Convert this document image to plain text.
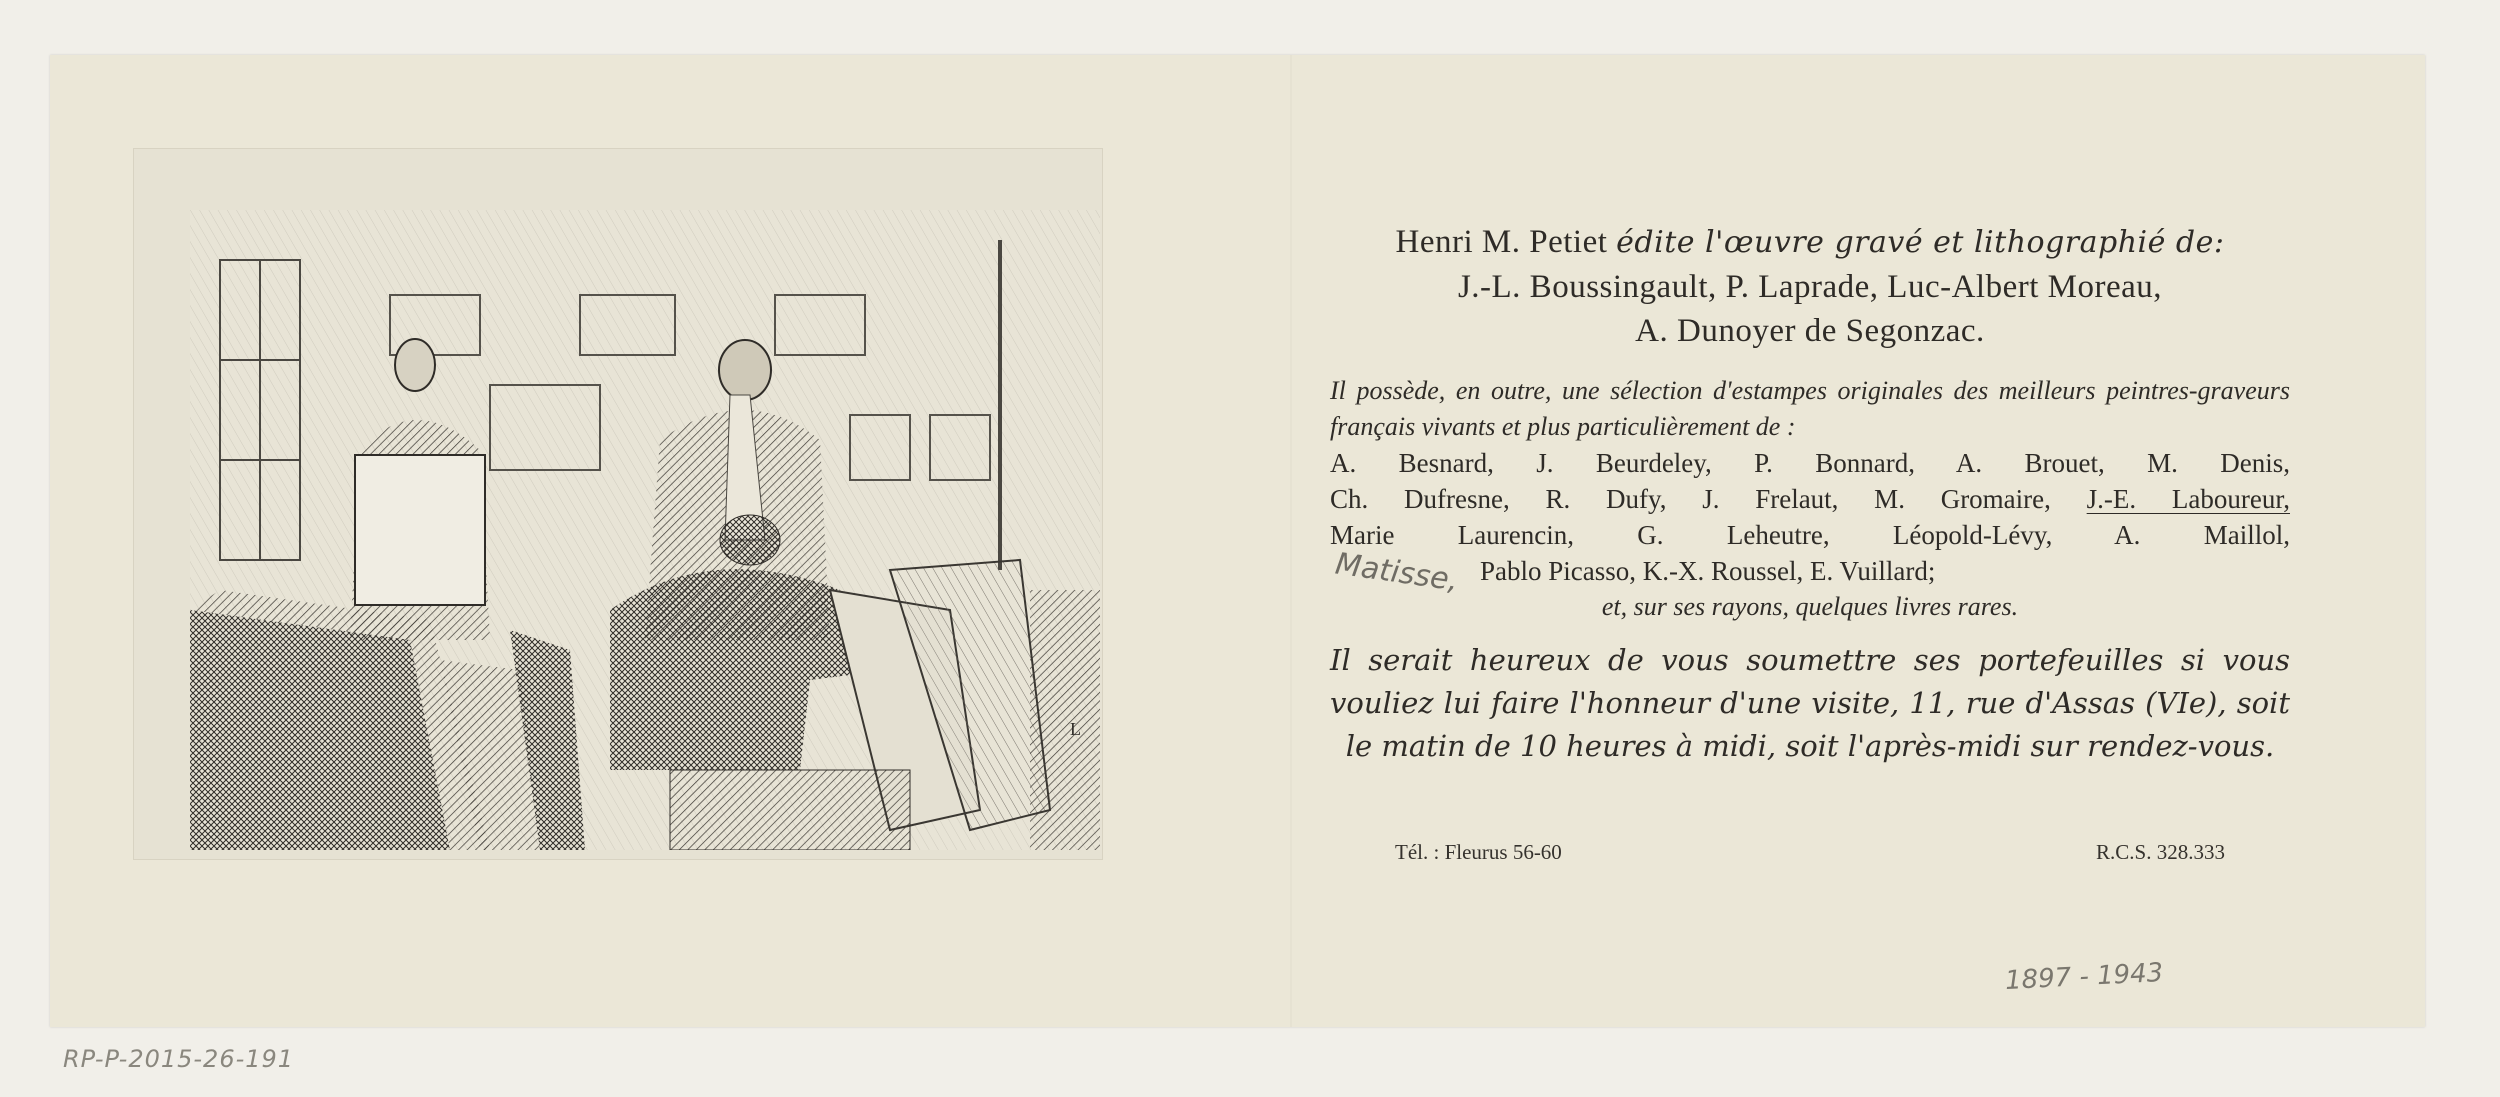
L
Henri M. Petiet édite l'œuvre gravé et lithographié de:
J.-L. Boussingault, P. Laprade, Luc-Albert Moreau,
A. Dunoyer de Segonzac.
Il possède, en outre, une sélection d'estampes originales des meilleurs peintres-graveurs français vivants et plus particulièrement de :
A. Besnard, J. Beurdeley, P. Bonnard, A. Brouet, M. Denis,
Ch. Dufresne, R. Dufy, J. Frelaut, M. Gromaire, J.-E. Laboureur,
Marie Laurencin, G. Leheutre, Léopold-Lévy, A. Maillol,
Pablo Picasso, K.-X. Roussel, E. Vuillard;
et, sur ses rayons, quelques livres rares.
Il serait heureux de vous soumettre ses portefeuilles si vous vouliez lui faire l'honneur d'une visite, 11, rue d'Assas (VIe), soit le matin de 10 heures à midi, soit l'après-midi sur rendez-vous.
Tél. : Fleurus 56-60	R.C.S. 328.333
Matisse,
1897 - 1943
RP-P-2015-26-191
